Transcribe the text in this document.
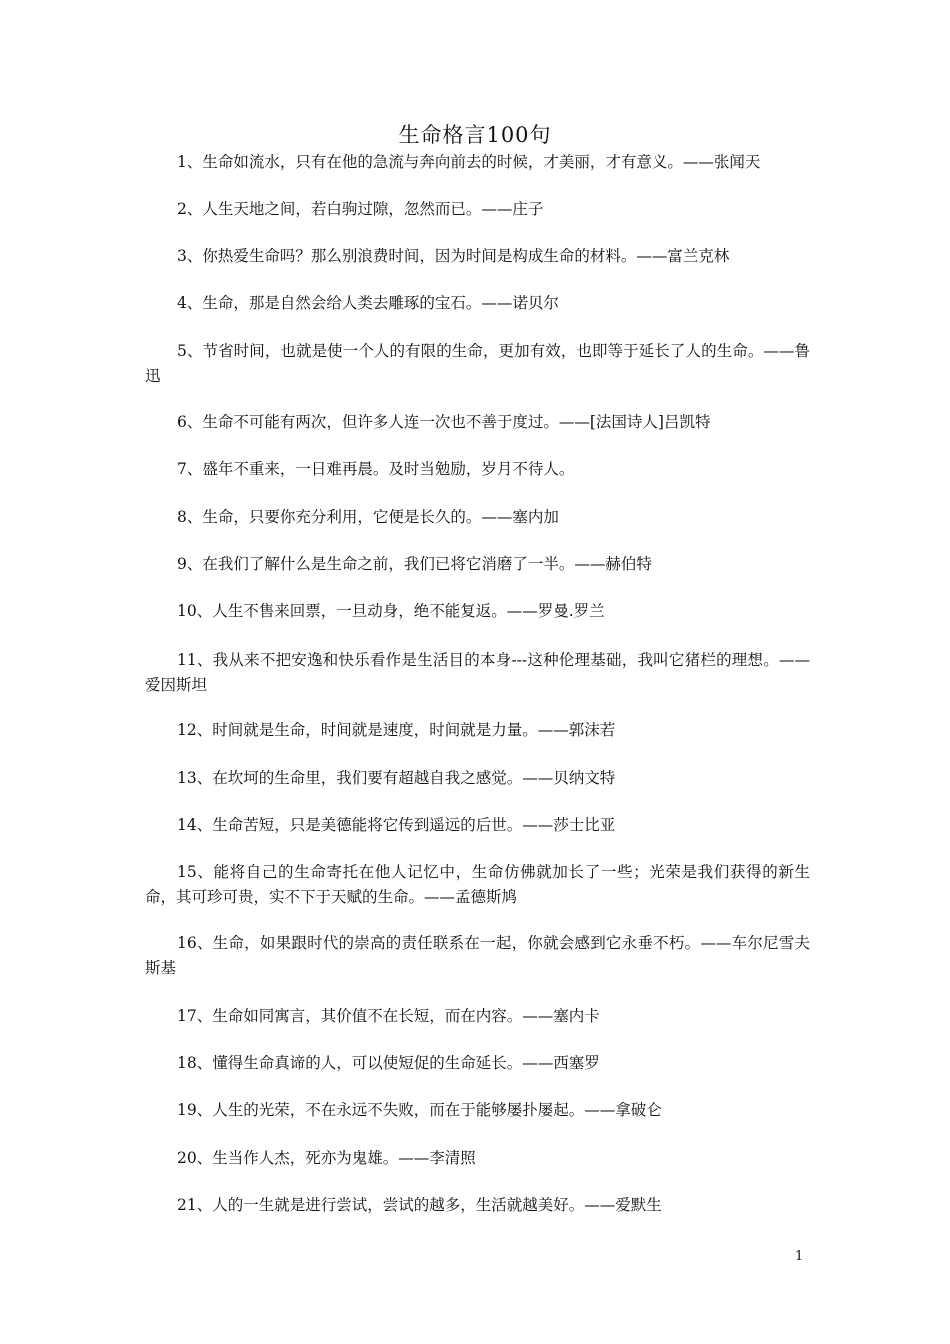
生命格言100句
1、生命如流水，只有在他的急流与奔向前去的时候，才美丽，才有意义。——张闻天
2、人生天地之间，若白驹过隙，忽然而已。——庄子
3、你热爱生命吗？那么别浪费时间，因为时间是构成生命的材料。——富兰克林
4、生命，那是自然会给人类去雕琢的宝石。——诺贝尔
5、节省时间，也就是使一个人的有限的生命，更加有效，也即等于延长了人的生命。——鲁迅
6、生命不可能有两次，但许多人连一次也不善于度过。——[法国诗人]吕凯特
7、盛年不重来，一日难再晨。及时当勉励，岁月不待人。
8、生命，只要你充分利用，它便是长久的。——塞内加
9、在我们了解什么是生命之前，我们已将它消磨了一半。——赫伯特
10、人生不售来回票，一旦动身，绝不能复返。——罗曼.罗兰
11、我从来不把安逸和快乐看作是生活目的本身---这种伦理基础，我叫它猪栏的理想。——爱因斯坦
12、时间就是生命，时间就是速度，时间就是力量。——郭沫若
13、在坎坷的生命里，我们要有超越自我之感觉。——贝纳文特
14、生命苦短，只是美德能将它传到遥远的后世。——莎士比亚
15、能将自己的生命寄托在他人记忆中，生命仿佛就加长了一些；光荣是我们获得的新生命，其可珍可贵，实不下于天赋的生命。——孟德斯鸠
16、生命，如果跟时代的崇高的责任联系在一起，你就会感到它永垂不朽。——车尔尼雪夫斯基
17、生命如同寓言，其价值不在长短，而在内容。——塞内卡
18、懂得生命真谛的人，可以使短促的生命延长。——西塞罗
19、人生的光荣，不在永远不失败，而在于能够屡扑屡起。——拿破仑
20、生当作人杰，死亦为鬼雄。——李清照
21、人的一生就是进行尝试，尝试的越多，生活就越美好。——爱默生
1
